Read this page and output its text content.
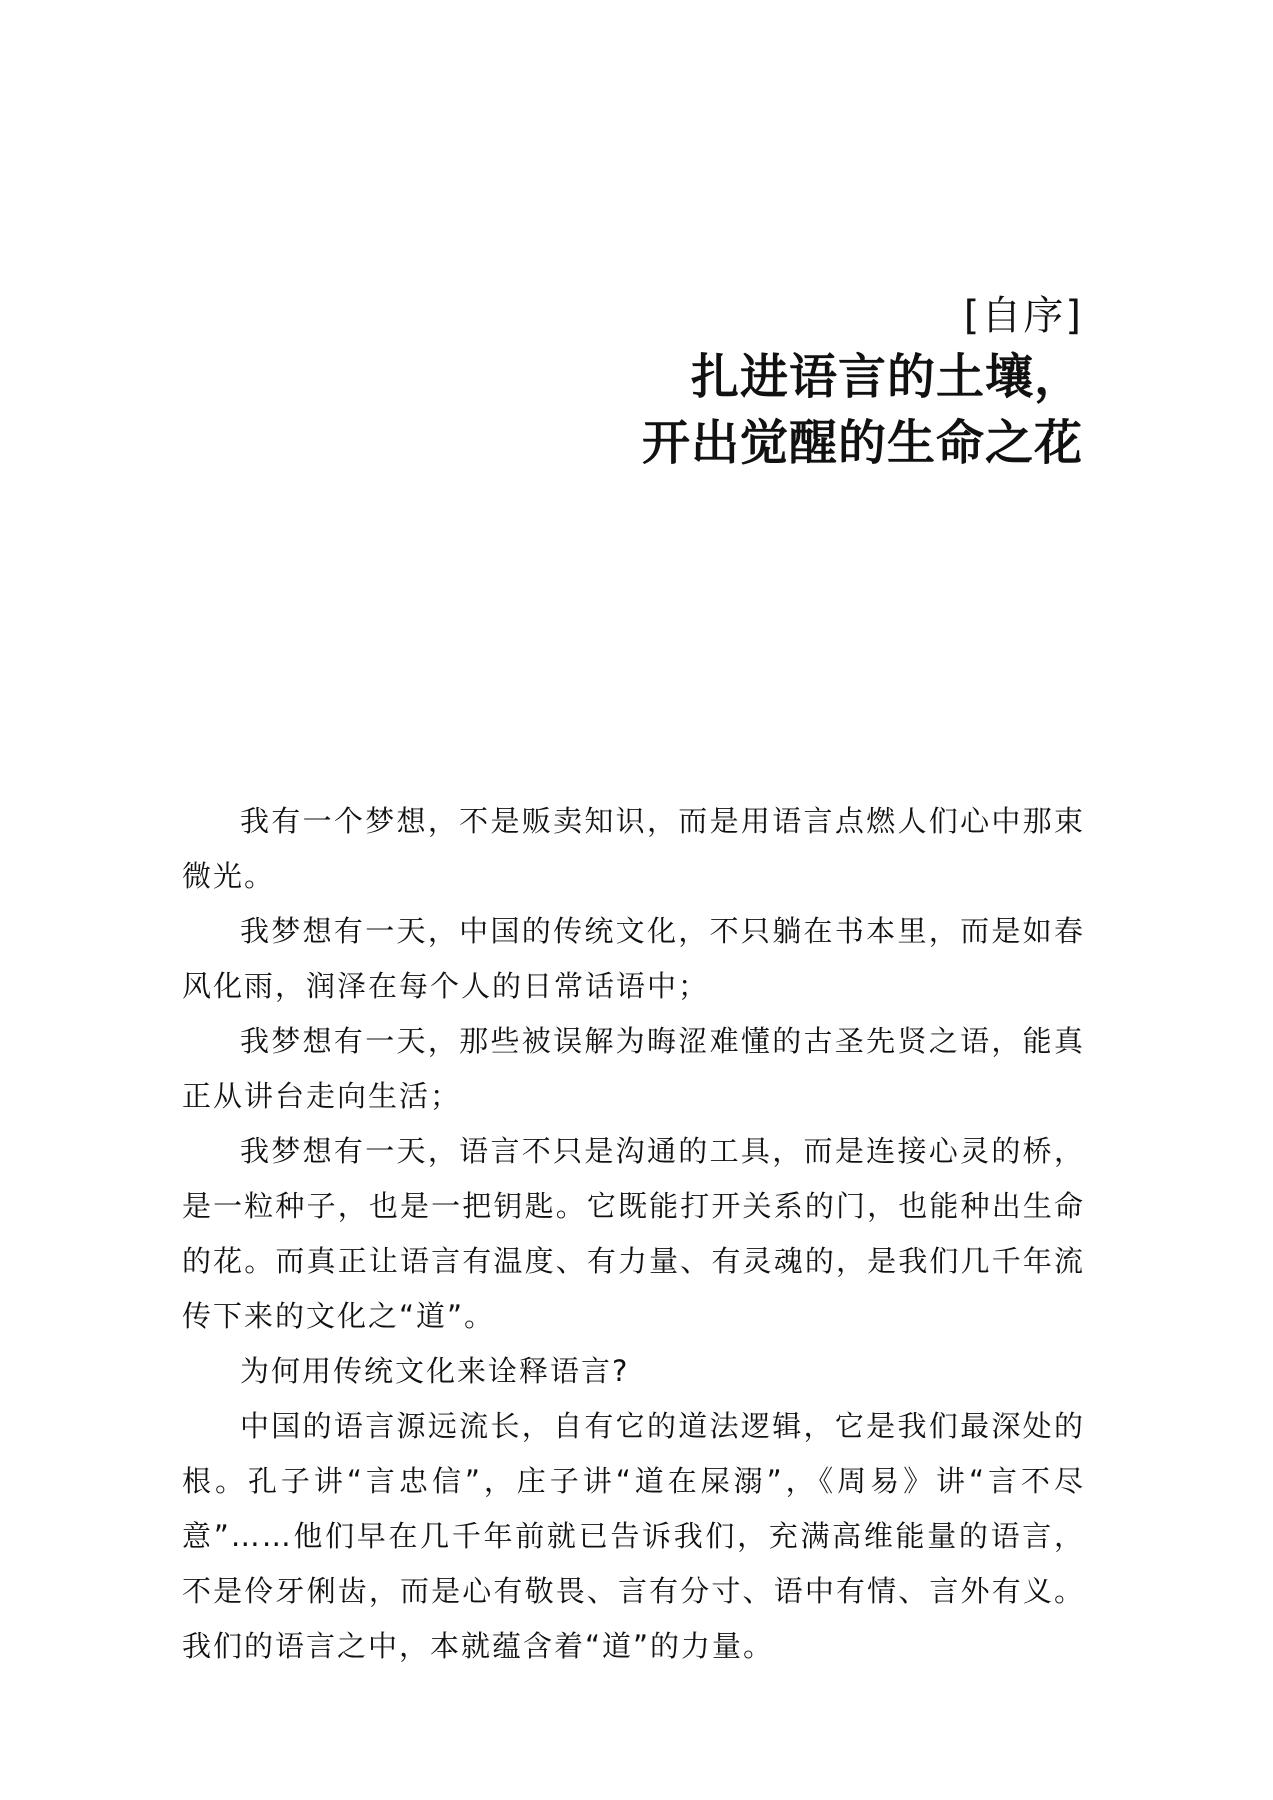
[自序]
扎进语言的土壤，
开出觉醒的生命之花

我有一个梦想，不是贩卖知识，而是用语言点燃人们心中那束微光。

我梦想有一天，中国的传统文化，不只躺在书本里，而是如春风化雨，润泽在每个人的日常话语中；

我梦想有一天，那些被误解为晦涩难懂的古圣先贤之语，能真正从讲台走向生活；

我梦想有一天，语言不只是沟通的工具，而是连接心灵的桥，是一粒种子，也是一把钥匙。它既能打开关系的门，也能种出生命的花。而真正让语言有温度、有力量、有灵魂的，是我们几千年流传下来的文化之“道”。

为何用传统文化来诠释语言?

中国的语言源远流长，自有它的道法逻辑，它是我们最深处的根。孔子讲“言忠信”，庄子讲“道在屎溺”，《周易》讲“言不尽意”……他们早在几千年前就已告诉我们，充满高维能量的语言，不是伶牙俐齿，而是心有敬畏、言有分寸、语中有情、言外有义。我们的语言之中，本就蕴含着“道”的力量。
